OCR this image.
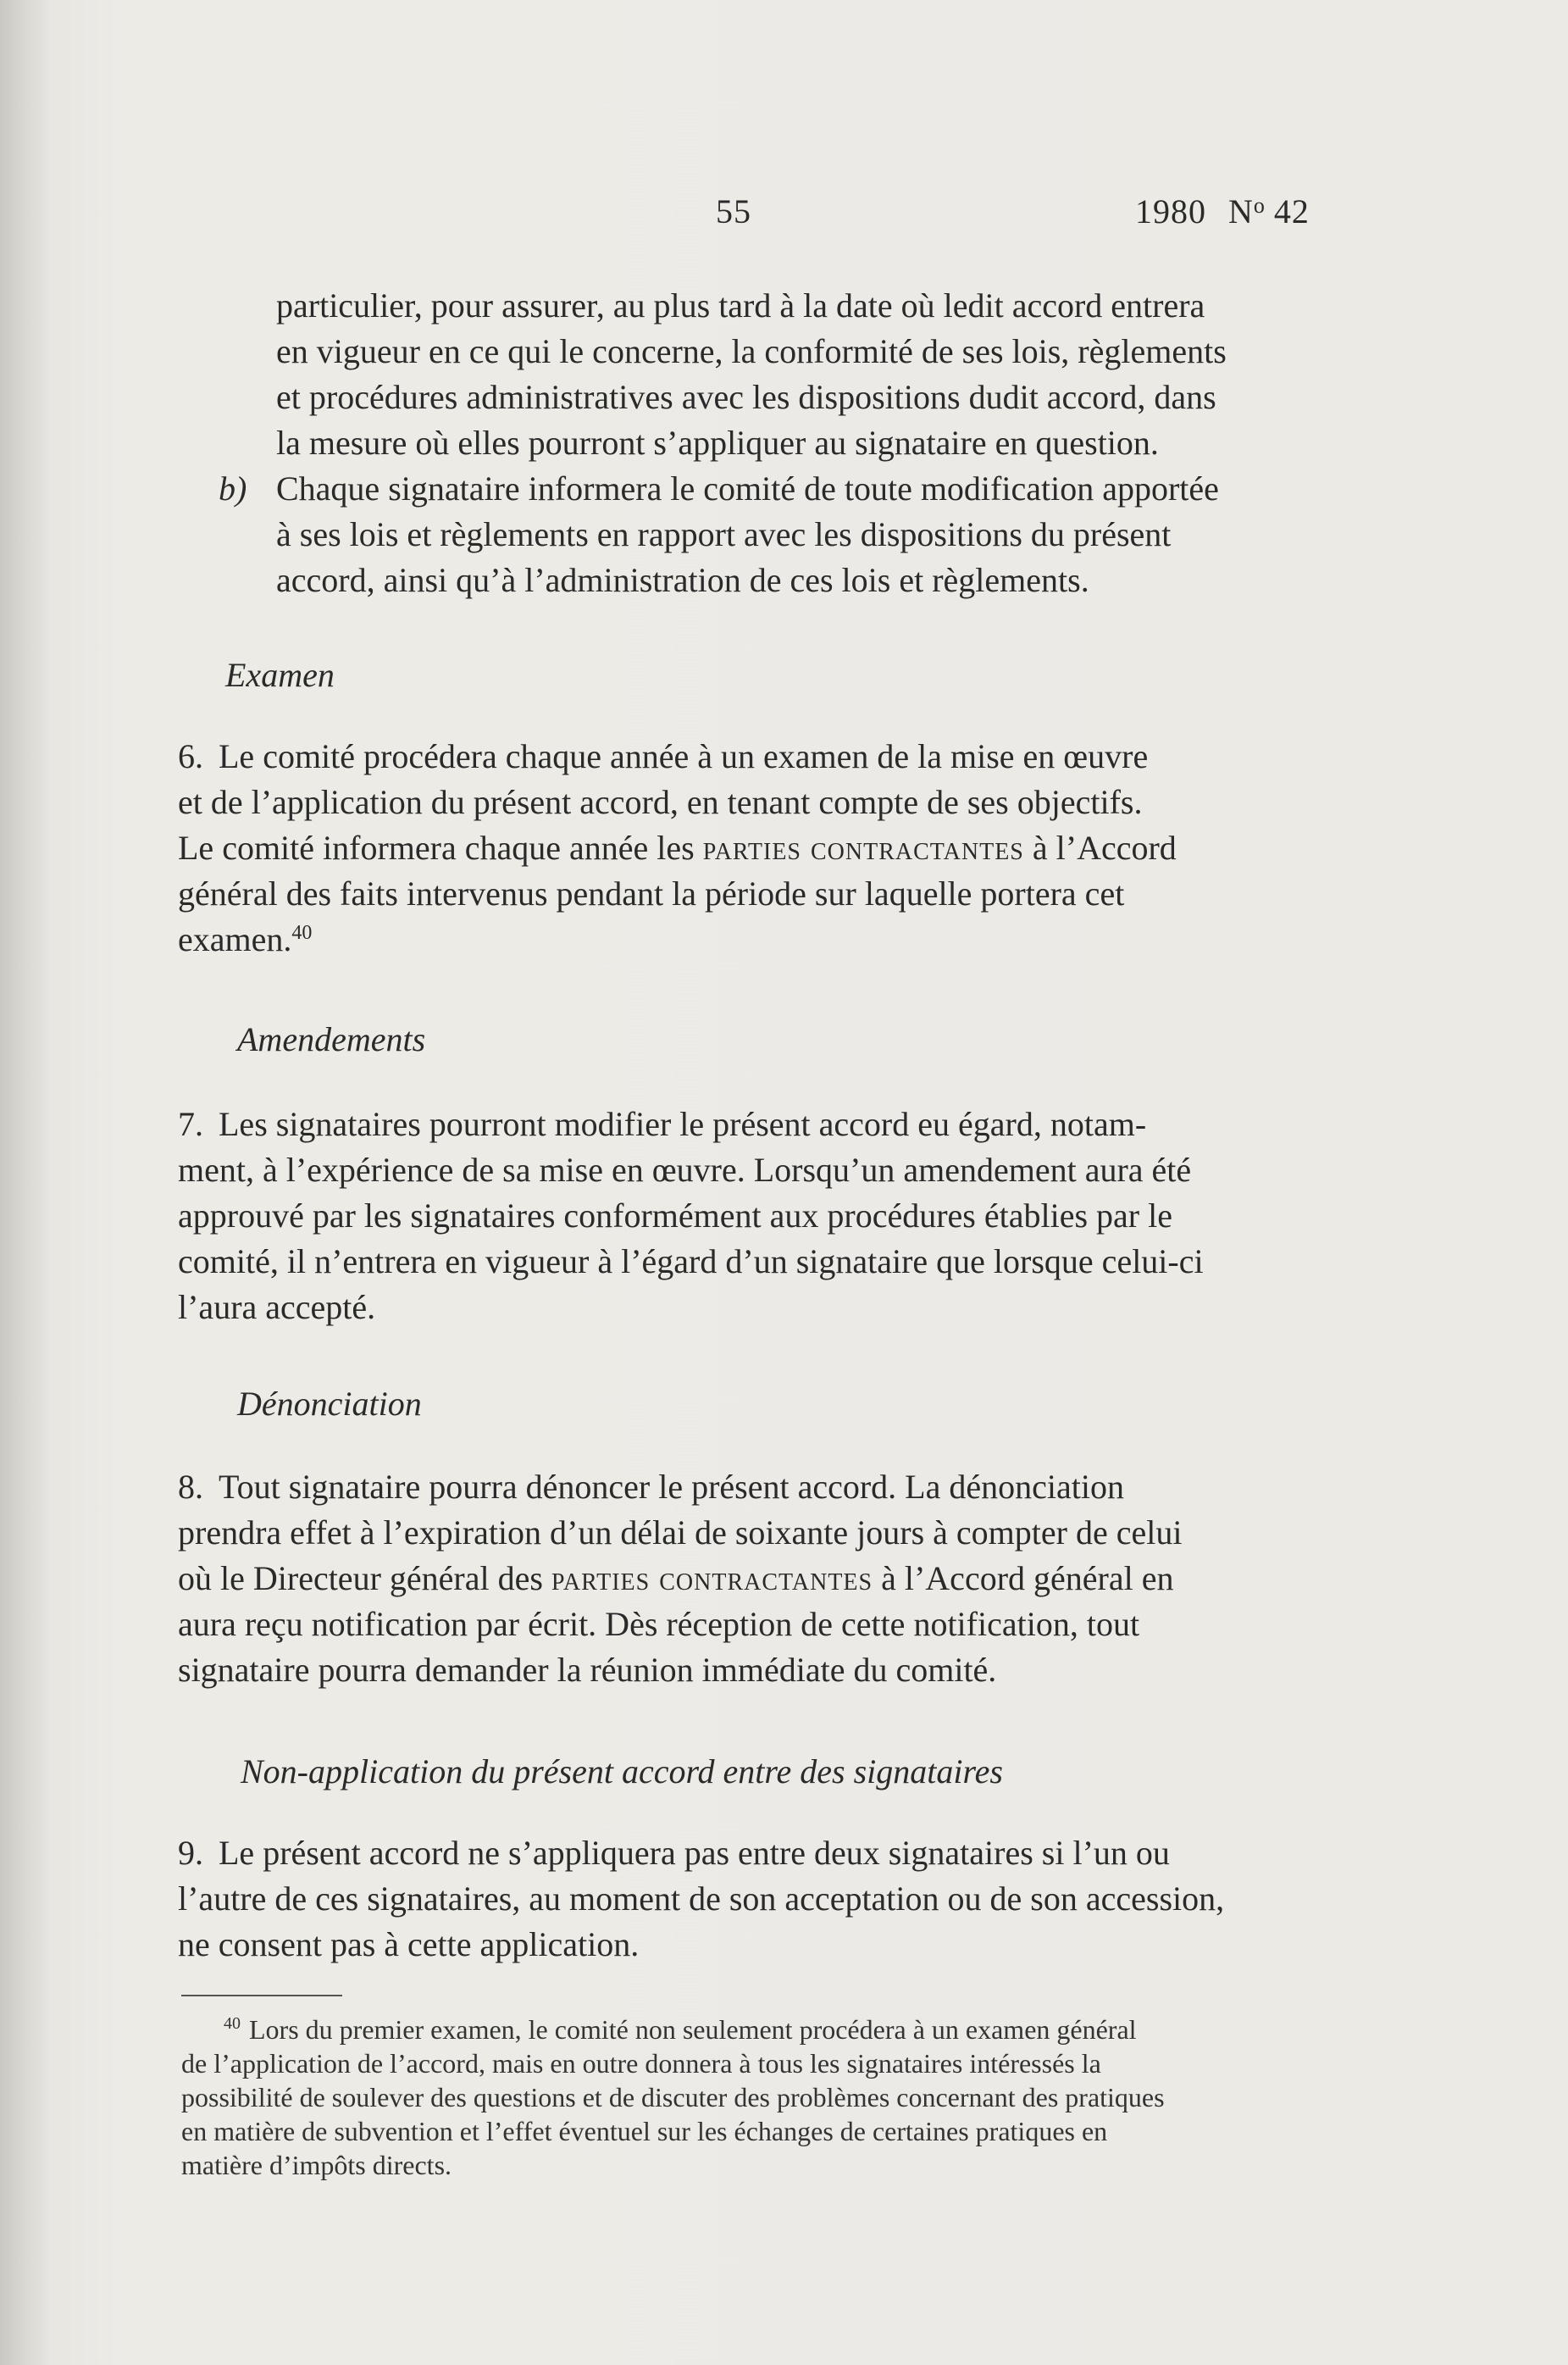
55	1980 $N^o$ 42
particulier, pour assurer, au plus tard à la date où ledit accord entrera
en vigueur en ce qui le concerne, la conformité de ses lois, règlements
et procédures administratives avec les dispositions dudit accord, dans
la mesure où elles pourront s’appliquer au signataire en question.
b) Chaque signataire informera le comité de toute modification apportée
à ses lois et règlements en rapport avec les dispositions du présent
accord, ainsi qu’à l’administration de ces lois et règlements.
Examen
6. Le comité procédera chaque année à un examen de la mise en œuvre
et de l’application du présent accord, en tenant compte de ses objectifs.
Le comité informera chaque année les parties contractantes à l’Accord
général des faits intervenus pendant la période sur laquelle portera cet
examen.$^{40}$
Amendements
7. Les signataires pourront modifier le présent accord eu égard, notam-
ment, à l’expérience de sa mise en œuvre. Lorsqu’un amendement aura été
approuvé par les signataires conformément aux procédures établies par le
comité, il n’entrera en vigueur à l’égard d’un signataire que lorsque celui-ci
l’aura accepté.
Dénonciation
8. Tout signataire pourra dénoncer le présent accord. La dénonciation
prendra effet à l’expiration d’un délai de soixante jours à compter de celui
où le Directeur général des parties contractantes à l’Accord général en
aura reçu notification par écrit. Dès réception de cette notification, tout
signataire pourra demander la réunion immédiate du comité.
Non-application du présent accord entre des signataires
9. Le présent accord ne s’appliquera pas entre deux signataires si l’un ou
l’autre de ces signataires, au moment de son acceptation ou de son accession,
ne consent pas à cette application.
$^{40}$ Lors du premier examen, le comité non seulement procédera à un examen général
de l’application de l’accord, mais en outre donnera à tous les signataires intéressés la
possibilité de soulever des questions et de discuter des problèmes concernant des pratiques
en matière de subvention et l’effet éventuel sur les échanges de certaines pratiques en
matière d’impôts directs.
